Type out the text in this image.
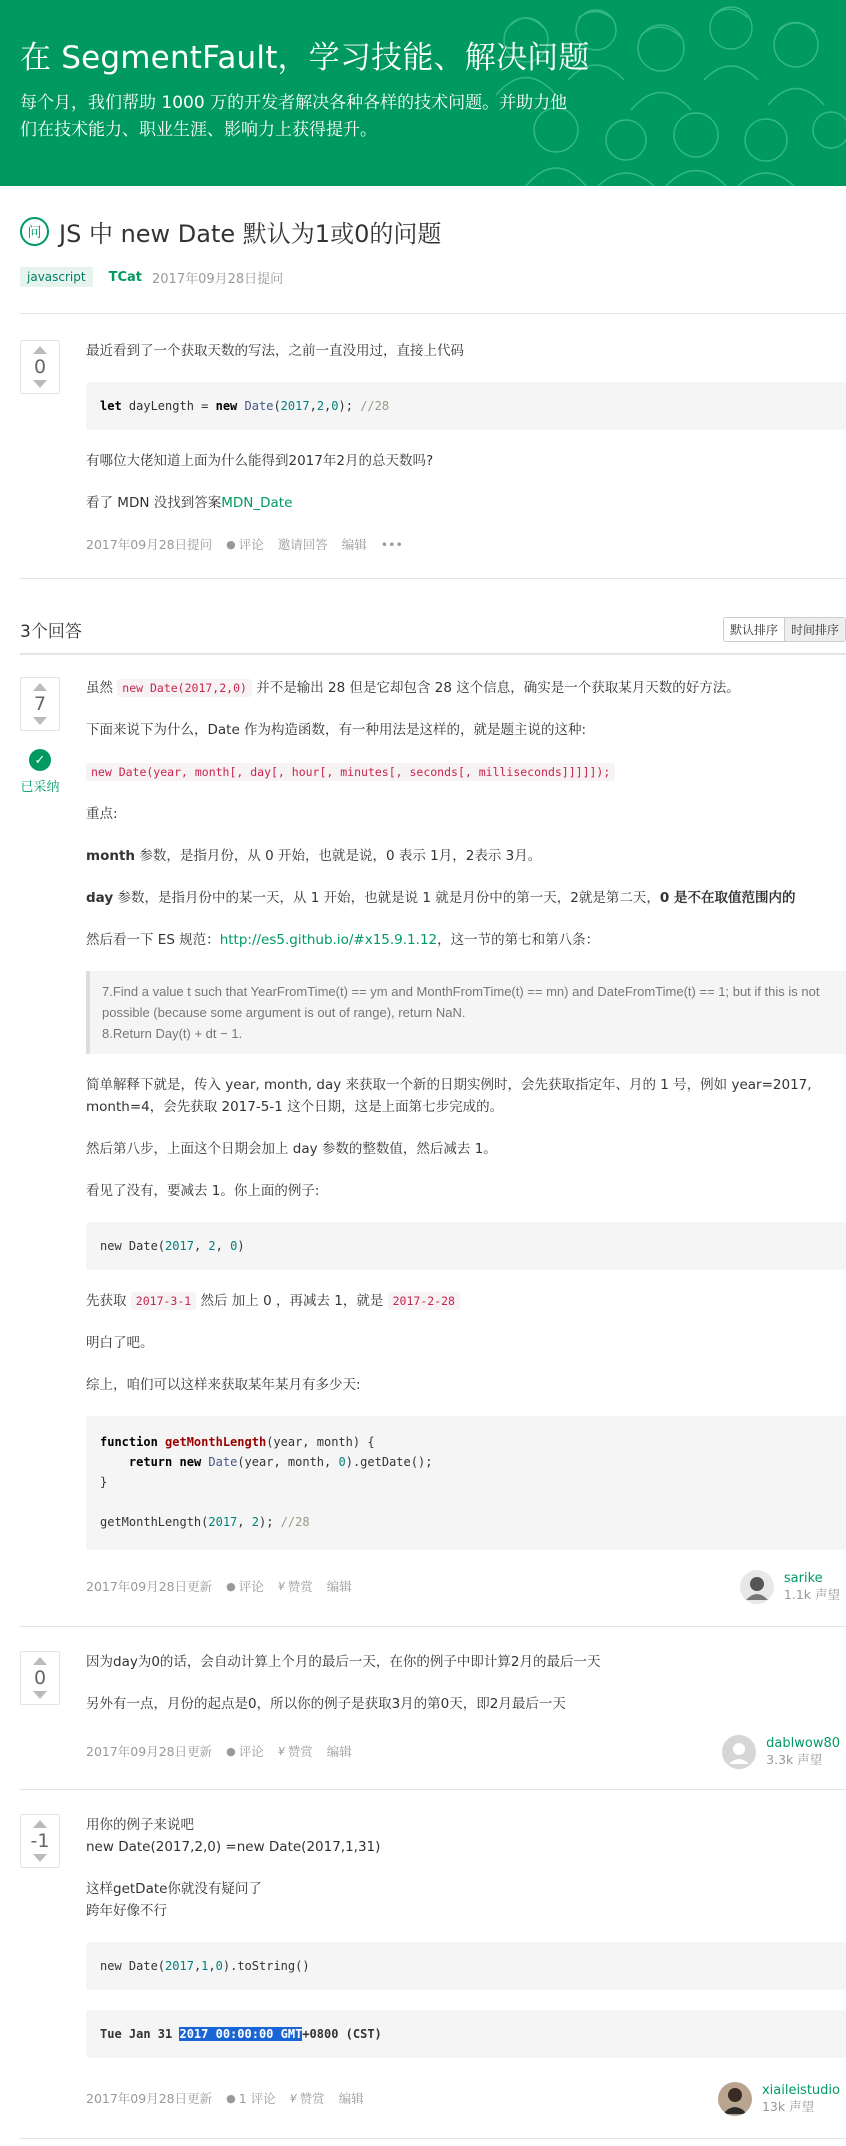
在 SegmentFault，学习技能、解决问题

每个月，我们帮助 1000 万的开发者解决各种各样的技术问题。并助力他们在技术能力、职业生涯、影响力上获得提升。

问 JS 中 new Date 默认为1或0的问题
javascript	TCat 2017年09月28日提问
0

最近看到了一个获取天数的写法，之前一直没用过，直接上代码

let dayLength = new Date(2017,2,0); //28

有哪位大佬知道上面为什么能得到2017年2月的总天数吗?

看了 MDN 没找到答案MDN_Date

2017年09月28日提问 ● 评论 邀请回答 编辑 •••
3个回答	默认排序	时间排序
7
✓
已采纳

虽然 new Date(2017,2,0) 并不是输出 28 但是它却包含 28 这个信息，确实是一个获取某月天数的好方法。

下面来说下为什么，Date 作为构造函数，有一种用法是这样的，就是题主说的这种:

new Date(year, month[, day[, hour[, minutes[, seconds[, milliseconds]]]]]);

重点:

month 参数，是指月份，从 0 开始，也就是说，0 表示 1月，2表示 3月。

day 参数，是指月份中的某一天，从 1 开始，也就是说 1 就是月份中的第一天，2就是第二天，0 是不在取值范围内的

然后看一下 ES 规范：http://es5.github.io/#x15.9.1.12，这一节的第七和第八条：

7.Find a value t such that YearFromTime(t) == ym and MonthFromTime(t) == mn) and DateFromTime(t) == 1; but if this is not possible (because some argument is out of range), return NaN.
8.Return Day(t) + dt − 1.

简单解释下就是，传入 year, month, day 来获取一个新的日期实例时，会先获取指定年、月的 1 号，例如 year=2017, month=4，会先获取 2017-5-1 这个日期，这是上面第七步完成的。

然后第八步，上面这个日期会加上 day 参数的整数值，然后减去 1。

看见了没有，要减去 1。你上面的例子:

new Date(2017, 2, 0)

先获取 2017-3-1 然后 加上 0 ，再减去 1，就是 2017-2-28

明白了吧。

综上，咱们可以这样来获取某年某月有多少天:

function getMonthLength(year, month) {
return new Date(year, month, 0).getDate();
}

getMonthLength(2017, 2); //28
2017年09月28日更新 ● 评论 ¥ 赞赏 编辑
sarike
1.1k 声望
0

因为day为0的话，会自动计算上个月的最后一天，在你的例子中即计算2月的最后一天

另外有一点，月份的起点是0，所以你的例子是获取3月的第0天，即2月最后一天

2017年09月28日更新 ● 评论 ¥ 赞赏 编辑
dablwow80
3.3k 声望
-1

用你的例子来说吧
new Date(2017,2,0) =new Date(2017,1,31)

这样getDate你就没有疑问了
跨年好像不行

new Date(2017,1,0).toString()
Tue Jan 31 2017 00:00:00 GMT+0800 (CST)
2017年09月28日更新 ● 1 评论 ¥ 赞赏 编辑
xiaileistudio
13k 声望
